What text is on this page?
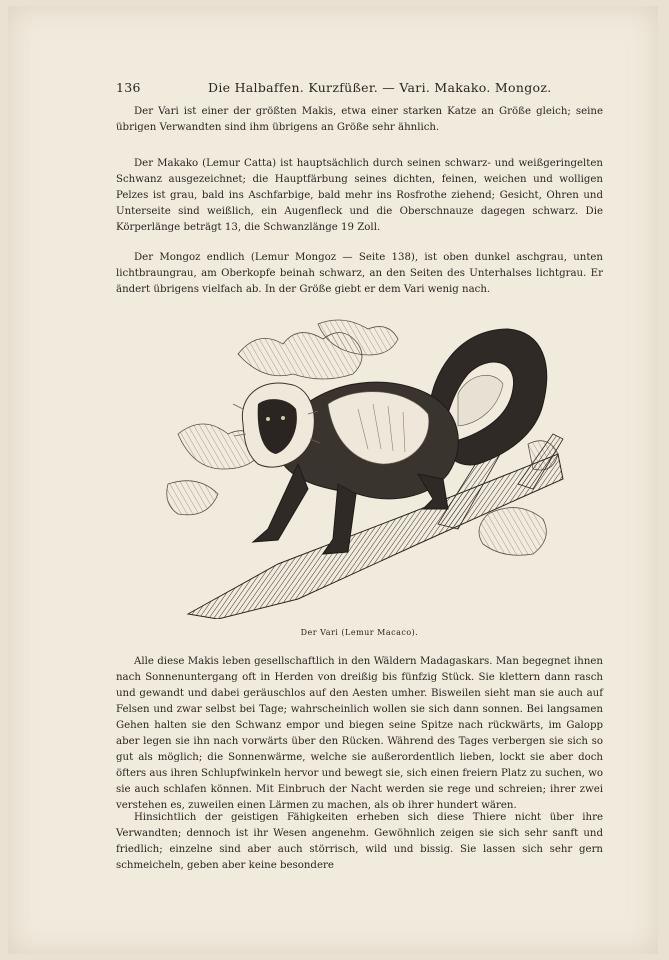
136	Die Halbaffen. Kurzfüßer. — Vari. Makako. Mongoz.
Der Vari ist einer der größten Makis, etwa einer starken Katze an Größe gleich; seine übrigen Verwandten sind ihm übrigens an Größe sehr ähnlich.
Der Makako (Lemur Catta) ist hauptsächlich durch seinen schwarz- und weißgeringelten Schwanz ausgezeichnet; die Hauptfärbung seines dichten, feinen, weichen und wolligen Pelzes ist grau, bald ins Aschfarbige, bald mehr ins Rosfrothe ziehend; Gesicht, Ohren und Unterseite sind weißlich, ein Augenfleck und die Oberschnauze dagegen schwarz. Die Körperlänge beträgt 13, die Schwanzlänge 19 Zoll.
Der Mongoz endlich (Lemur Mongoz — Seite 138), ist oben dunkel aschgrau, unten lichtbraungrau, am Oberkopfe beinah schwarz, an den Seiten des Unterhalses lichtgrau. Er ändert übrigens vielfach ab. In der Größe giebt er dem Vari wenig nach.
Der Vari (Lemur Macaco).
Alle diese Makis leben gesellschaftlich in den Wäldern Madagaskars. Man begegnet ihnen nach Sonnenuntergang oft in Herden von dreißig bis fünfzig Stück. Sie klettern dann rasch und gewandt und dabei geräuschlos auf den Aesten umher. Bisweilen sieht man sie auch auf Felsen und zwar selbst bei Tage; wahrscheinlich wollen sie sich dann sonnen. Bei langsamen Gehen halten sie den Schwanz empor und biegen seine Spitze nach rückwärts, im Galopp aber legen sie ihn nach vorwärts über den Rücken. Während des Tages verbergen sie sich so gut als möglich; die Sonnenwärme, welche sie außerordentlich lieben, lockt sie aber doch öfters aus ihren Schlupfwinkeln hervor und bewegt sie, sich einen freiern Platz zu suchen, wo sie auch schlafen können. Mit Einbruch der Nacht werden sie rege und schreien; ihrer zwei verstehen es, zuweilen einen Lärmen zu machen, als ob ihrer hundert wären.
Hinsichtlich der geistigen Fähigkeiten erheben sich diese Thiere nicht über ihre Verwandten; dennoch ist ihr Wesen angenehm. Gewöhnlich zeigen sie sich sehr sanft und friedlich; einzelne sind aber auch störrisch, wild und bissig. Sie lassen sich sehr gern schmeicheln, geben aber keine besondere
